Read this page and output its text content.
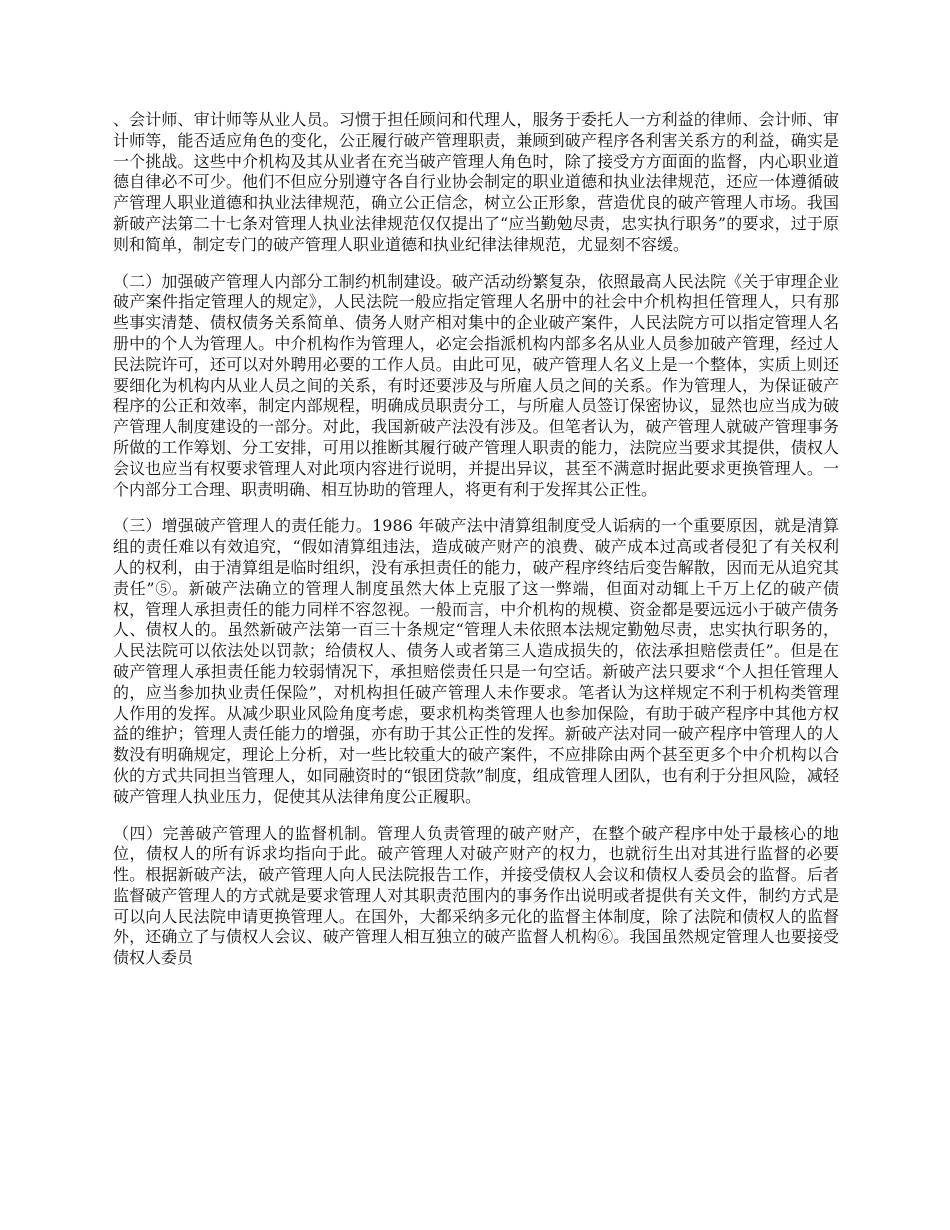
、会计师、审计师等从业人员。习惯于担任顾问和代理人，服务于委托人一方利益的律师、会计师、审计师等，能否适应角色的变化，公正履行破产管理职责，兼顾到破产程序各利害关系方的利益，确实是一个挑战。这些中介机构及其从业者在充当破产管理人角色时，除了接受方方面面的监督，内心职业道德自律必不可少。他们不但应分别遵守各自行业协会制定的职业道德和执业法律规范，还应一体遵循破产管理人职业道德和执业法律规范，确立公正信念，树立公正形象，营造优良的破产管理人市场。我国新破产法第二十七条对管理人执业法律规范仅仅提出了“应当勤勉尽责，忠实执行职务”的要求，过于原则和简单，制定专门的破产管理人职业道德和执业纪律法律规范，尤显刻不容缓。

（二）加强破产管理人内部分工制约机制建设。破产活动纷繁复杂，依照最高人民法院《关于审理企业破产案件指定管理人的规定》，人民法院一般应指定管理人名册中的社会中介机构担任管理人，只有那些事实清楚、债权债务关系简单、债务人财产相对集中的企业破产案件，人民法院方可以指定管理人名册中的个人为管理人。中介机构作为管理人，必定会指派机构内部多名从业人员参加破产管理，经过人民法院许可，还可以对外聘用必要的工作人员。由此可见，破产管理人名义上是一个整体，实质上则还要细化为机构内从业人员之间的关系，有时还要涉及与所雇人员之间的关系。作为管理人，为保证破产程序的公正和效率，制定内部规程，明确成员职责分工，与所雇人员签订保密协议，显然也应当成为破产管理人制度建设的一部分。对此，我国新破产法没有涉及。但笔者认为，破产管理人就破产管理事务所做的工作筹划、分工安排，可用以推断其履行破产管理人职责的能力，法院应当要求其提供，债权人会议也应当有权要求管理人对此项内容进行说明，并提出异议，甚至不满意时据此要求更换管理人。一个内部分工合理、职责明确、相互协助的管理人，将更有利于发挥其公正性。

（三）增强破产管理人的责任能力。1986 年破产法中清算组制度受人诟病的一个重要原因，就是清算组的责任难以有效追究，“假如清算组违法，造成破产财产的浪费、破产成本过高或者侵犯了有关权利人的权利，由于清算组是临时组织，没有承担责任的能力，破产程序终结后变告解散，因而无从追究其责任”⑤。新破产法确立的管理人制度虽然大体上克服了这一弊端，但面对动辄上千万上亿的破产债权，管理人承担责任的能力同样不容忽视。一般而言，中介机构的规模、资金都是要远远小于破产债务人、债权人的。虽然新破产法第一百三十条规定“管理人未依照本法规定勤勉尽责，忠实执行职务的，人民法院可以依法处以罚款；给债权人、债务人或者第三人造成损失的，依法承担赔偿责任”。但是在破产管理人承担责任能力较弱情况下，承担赔偿责任只是一句空话。新破产法只要求“个人担任管理人的，应当参加执业责任保险”，对机构担任破产管理人未作要求。笔者认为这样规定不利于机构类管理人作用的发挥。从减少职业风险角度考虑，要求机构类管理人也参加保险，有助于破产程序中其他方权益的维护；管理人责任能力的增强，亦有助于其公正性的发挥。新破产法对同一破产程序中管理人的人数没有明确规定，理论上分析，对一些比较重大的破产案件，不应排除由两个甚至更多个中介机构以合伙的方式共同担当管理人，如同融资时的“银团贷款”制度，组成管理人团队，也有利于分担风险，减轻破产管理人执业压力，促使其从法律角度公正履职。

（四）完善破产管理人的监督机制。管理人负责管理的破产财产，在整个破产程序中处于最核心的地位，债权人的所有诉求均指向于此。破产管理人对破产财产的权力，也就衍生出对其进行监督的必要性。根据新破产法，破产管理人向人民法院报告工作，并接受债权人会议和债权人委员会的监督。后者监督破产管理人的方式就是要求管理人对其职责范围内的事务作出说明或者提供有关文件，制约方式是可以向人民法院申请更换管理人。在国外，大都采纳多元化的监督主体制度，除了法院和债权人的监督外，还确立了与债权人会议、破产管理人相互独立的破产监督人机构⑥。我国虽然规定管理人也要接受债权人委员
